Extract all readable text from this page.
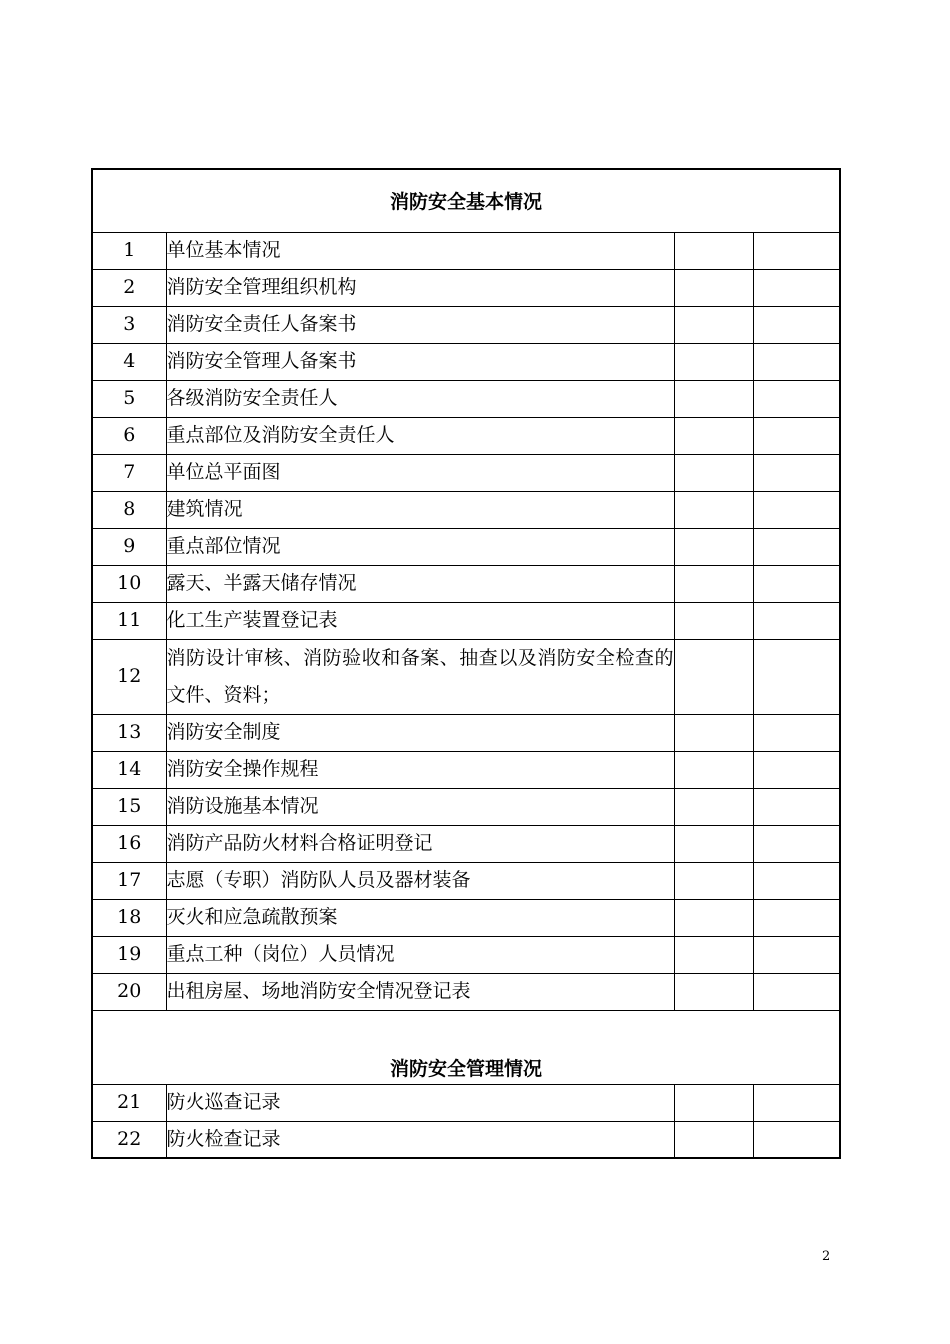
消防安全基本情况			
1	单位基本情况		
2	消防安全管理组织机构		
3	消防安全责任人备案书		
4	消防安全管理人备案书		
5	各级消防安全责任人		
6	重点部位及消防安全责任人		
7	单位总平面图		
8	建筑情况		
9	重点部位情况		
10	露天、半露天储存情况		
11	化工生产装置登记表		
12	消防设计审核、消防验收和备案、抽查以及消防安全检查的文件、资料；		
13	消防安全制度		
14	消防安全操作规程		
15	消防设施基本情况		
16	消防产品防火材料合格证明登记		
17	志愿（专职）消防队人员及器材装备		
18	灭火和应急疏散预案		
19	重点工种（岗位）人员情况		
20	出租房屋、场地消防安全情况登记表		
消防安全管理情况			
21	防火巡查记录		
22	防火检查记录		
2
